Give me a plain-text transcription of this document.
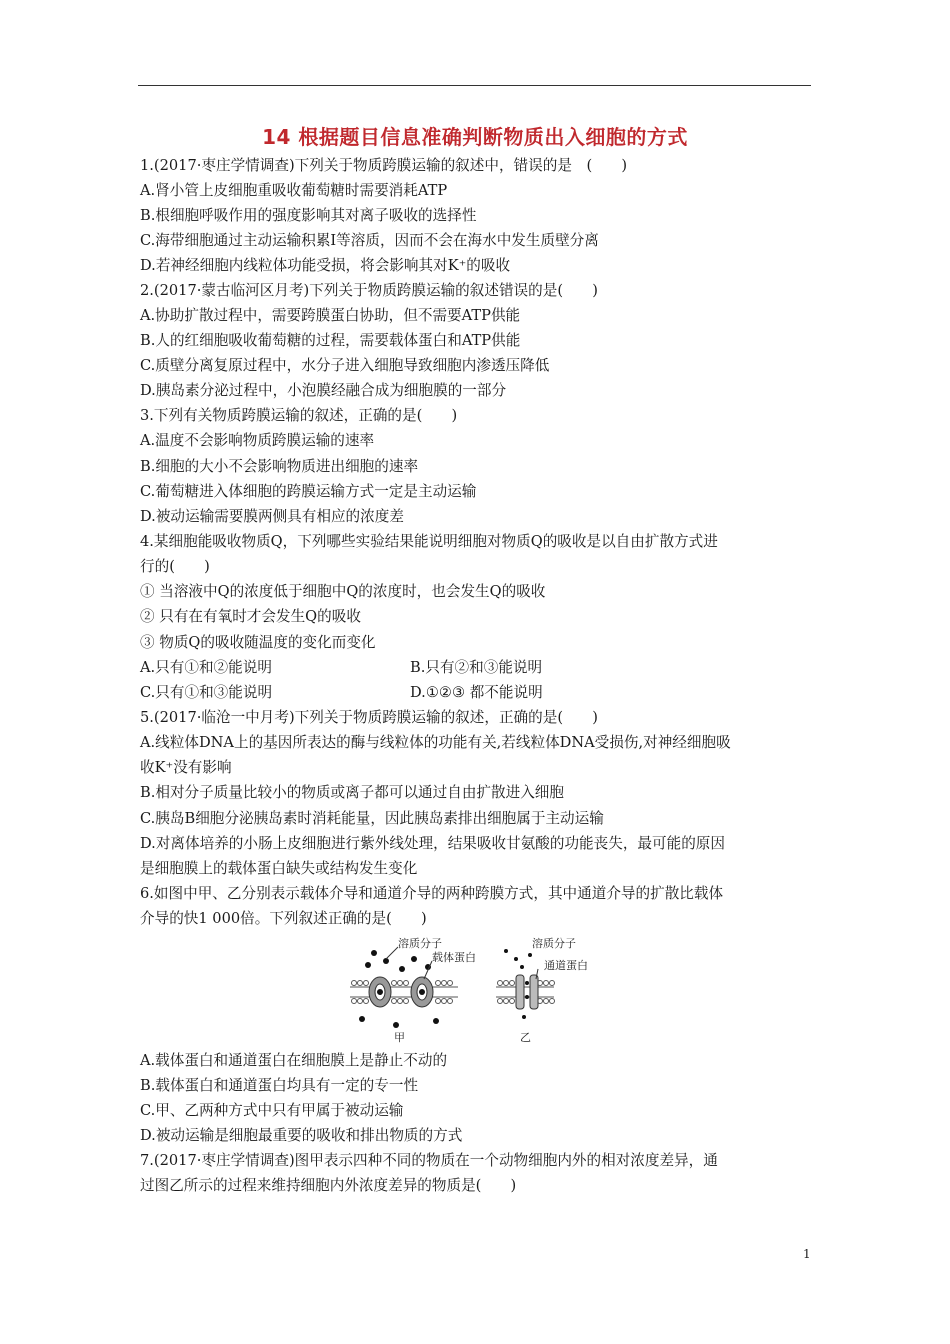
14 根据题目信息准确判断物质出入细胞的方式
1.(2017·枣庄学情调查)下列关于物质跨膜运输的叙述中，错误的是　(　　)
A.肾小管上皮细胞重吸收葡萄糖时需要消耗ATP
B.根细胞呼吸作用的强度影响其对离子吸收的选择性
C.海带细胞通过主动运输积累I等溶质，因而不会在海水中发生质壁分离
D.若神经细胞内线粒体功能受损，将会影响其对K⁺的吸收
2.(2017·蒙古临河区月考)下列关于物质跨膜运输的叙述错误的是(　　)
A.协助扩散过程中，需要跨膜蛋白协助，但不需要ATP供能
B.人的红细胞吸收葡萄糖的过程，需要载体蛋白和ATP供能
C.质壁分离复原过程中，水分子进入细胞导致细胞内渗透压降低
D.胰岛素分泌过程中，小泡膜经融合成为细胞膜的一部分
3.下列有关物质跨膜运输的叙述，正确的是(　　)
A.温度不会影响物质跨膜运输的速率
B.细胞的大小不会影响物质进出细胞的速率
C.葡萄糖进入体细胞的跨膜运输方式一定是主动运输
D.被动运输需要膜两侧具有相应的浓度差
4.某细胞能吸收物质Q，下列哪些实验结果能说明细胞对物质Q的吸收是以自由扩散方式进
行的(　　)
① 当溶液中Q的浓度低于细胞中Q的浓度时，也会发生Q的吸收
② 只有在有氧时才会发生Q的吸收
③ 物质Q的吸收随温度的变化而变化
A.只有①和②能说明	B.只有②和③能说明
C.只有①和③能说明	D.①②③ 都不能说明
5.(2017·临沧一中月考)下列关于物质跨膜运输的叙述，正确的是(　　)
A.线粒体DNA上的基因所表达的酶与线粒体的功能有关,若线粒体DNA受损伤,对神经细胞吸
收K⁺没有影响
B.相对分子质量比较小的物质或离子都可以通过自由扩散进入细胞
C.胰岛B细胞分泌胰岛素时消耗能量，因此胰岛素排出细胞属于主动运输
D.对离体培养的小肠上皮细胞进行紫外线处理，结果吸收甘氨酸的功能丧失，最可能的原因
是细胞膜上的载体蛋白缺失或结构发生变化
6.如图中甲、乙分别表示载体介导和通道介导的两种跨膜方式，其中通道介导的扩散比载体
介导的快1 000倍。下列叙述正确的是(　　)
溶质分子
载体蛋白
甲
溶质分子
通道蛋白
乙
A.载体蛋白和通道蛋白在细胞膜上是静止不动的
B.载体蛋白和通道蛋白均具有一定的专一性
C.甲、乙两种方式中只有甲属于被动运输
D.被动运输是细胞最重要的吸收和排出物质的方式
7.(2017·枣庄学情调查)图甲表示四种不同的物质在一个动物细胞内外的相对浓度差异，通
过图乙所示的过程来维持细胞内外浓度差异的物质是(　　)
1
